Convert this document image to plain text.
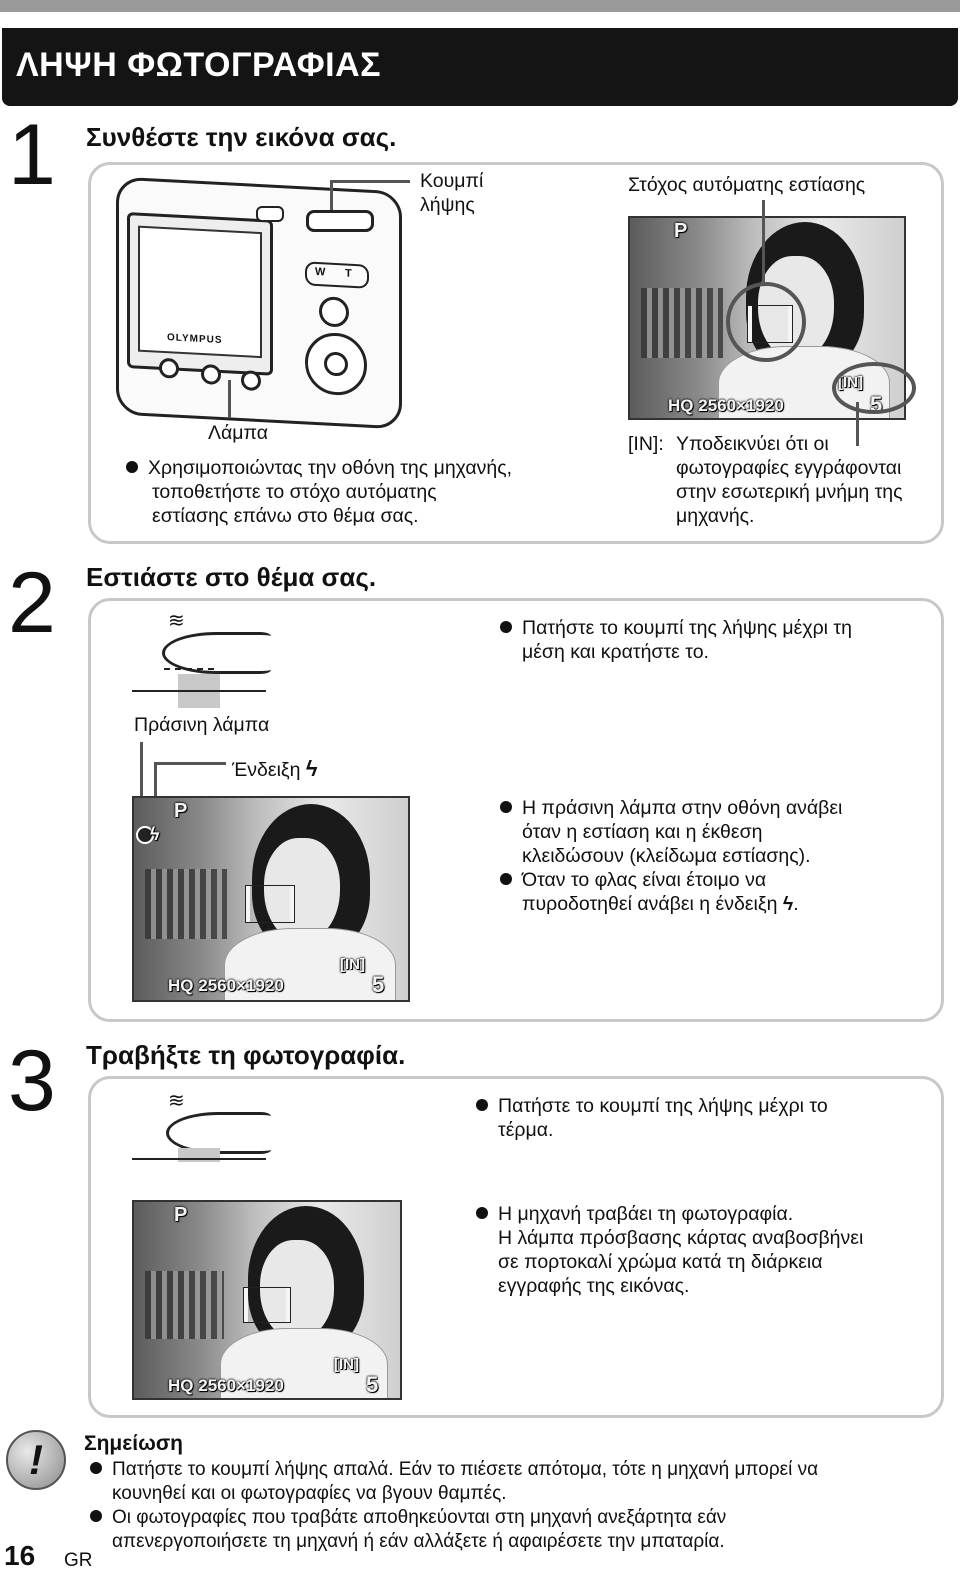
ΛΗΨΗ ΦΩΤΟΓΡΑΦΙΑΣ
1 Συνθέστε την εικόνα σας.
OLYMPUS
W T
Κουμπί
λήψης
Λάμπα
Χρησιμοποιώντας την οθόνη της μηχανής,
τοποθετήστε το στόχο αυτόματης
εστίασης επάνω στο θέμα σας.
Στόχος αυτόματης εστίασης
P
HQ 2560×1920
[IN]
5
[IN]: Υποδεικνύει ότι οι
φωτογραφίες εγγράφονται
στην εσωτερική μνήμη της
μηχανής.
2 Εστιάστε στο θέμα σας.
≋	Πατήστε το κουμπί της λήψης μέχρι τη
μέση και κρατήστε το.
Πράσινη λάμπα
Ένδειξη ϟ
P
ϟ
HQ 2560×1920
[IN]
5
Η πράσινη λάμπα στην οθόνη ανάβει
όταν η εστίαση και η έκθεση
κλειδώσουν (κλείδωμα εστίασης).
Όταν το φλας είναι έτοιμο να
πυροδοτηθεί ανάβει η ένδειξη ϟ.
3 Τραβήξτε τη φωτογραφία.
≋	Πατήστε το κουμπί της λήψης μέχρι το
τέρμα.
P
HQ 2560×1920
[IN]
5
Η μηχανή τραβάει τη φωτογραφία.
Η λάμπα πρόσβασης κάρτας αναβοσβήνει
σε πορτοκαλί χρώμα κατά τη διάρκεια
εγγραφής της εικόνας.
!	Σημείωση
Πατήστε το κουμπί λήψης απαλά. Εάν το πιέσετε απότομα, τότε η μηχανή μπορεί να
κουνηθεί και οι φωτογραφίες να βγουν θαμπές.
Οι φωτογραφίες που τραβάτε αποθηκεύονται στη μηχανή ανεξάρτητα εάν
απενεργοποιήσετε τη μηχανή ή εάν αλλάξετε ή αφαιρέσετε την μπαταρία.
16 GR
